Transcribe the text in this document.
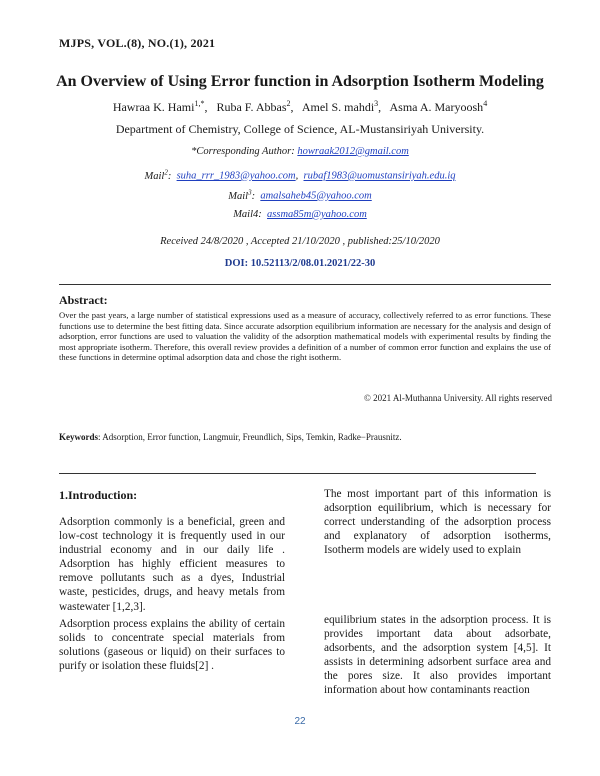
MJPS, VOL.(8), NO.(1), 2021
An Overview of Using Error function in Adsorption Isotherm Modeling
Hawraa K. Hami$^{1,*}$,   Ruba F. Abbas$^2$,   Amel S. mahdi$^3$,   Asma A. Maryoosh$^4$
Department of Chemistry, College of Science, AL-Mustansiriyah University.
*Corresponding Author: howraak2012@gmail.com
Mail$^2$: suha_rrr_1983@yahoo.com,  rubaf1983@uomustansiriyah.edu.iq
Mail$^3$: amalsaheb45@yahoo.com
Mail4: assma85m@yahoo.com
Received 24/8/2020 , Accepted 21/10/2020 , published:25/10/2020
DOI: 10.52113/2/08.01.2021/22-30
Abstract:
Over the past years, a large number of statistical expressions used as a measure of accuracy, collectively referred to as error functions. These functions use to determine the best fitting data. Since accurate adsorption equilibrium information are necessary for the analysis and design of adsorption, error functions are used to valuation the validity of the adsorption mathematical models with experimental results by finding the most appropriate isotherm. Therefore, this overall review provides a definition of a number of common error function and explains the use of these functions in determine optimal adsorption data and chose the right isotherm.
© 2021 Al-Muthanna University. All rights reserved
Keywords: Adsorption, Error function, Langmuir, Freundlich, Sips, Temkin, Radke−Prausnitz.
1.Introduction:

Adsorption commonly is a beneficial, green and low-cost technology it is frequently used in our industrial economy and in our daily life . Adsorption has highly efficient measures to remove pollutants such as a dyes, Industrial waste, pesticides, drugs, and heavy metals from wastewater [1,2,3].

Adsorption process explains the ability of certain solids to concentrate special materials from solutions (gaseous or liquid) on their surfaces to purify or isolation these fluids[2] .

The most important part of this information is adsorption equilibrium, which is necessary for correct understanding of the adsorption process and explanatory of adsorption isotherms, Isotherm models are widely used to explain

equilibrium states in the adsorption process. It is provides important data about adsorbate, adsorbents, and the adsorption system [4,5]. It assists in determining adsorbent surface area and the pores size. It also provides important information about how contaminants reaction

22
